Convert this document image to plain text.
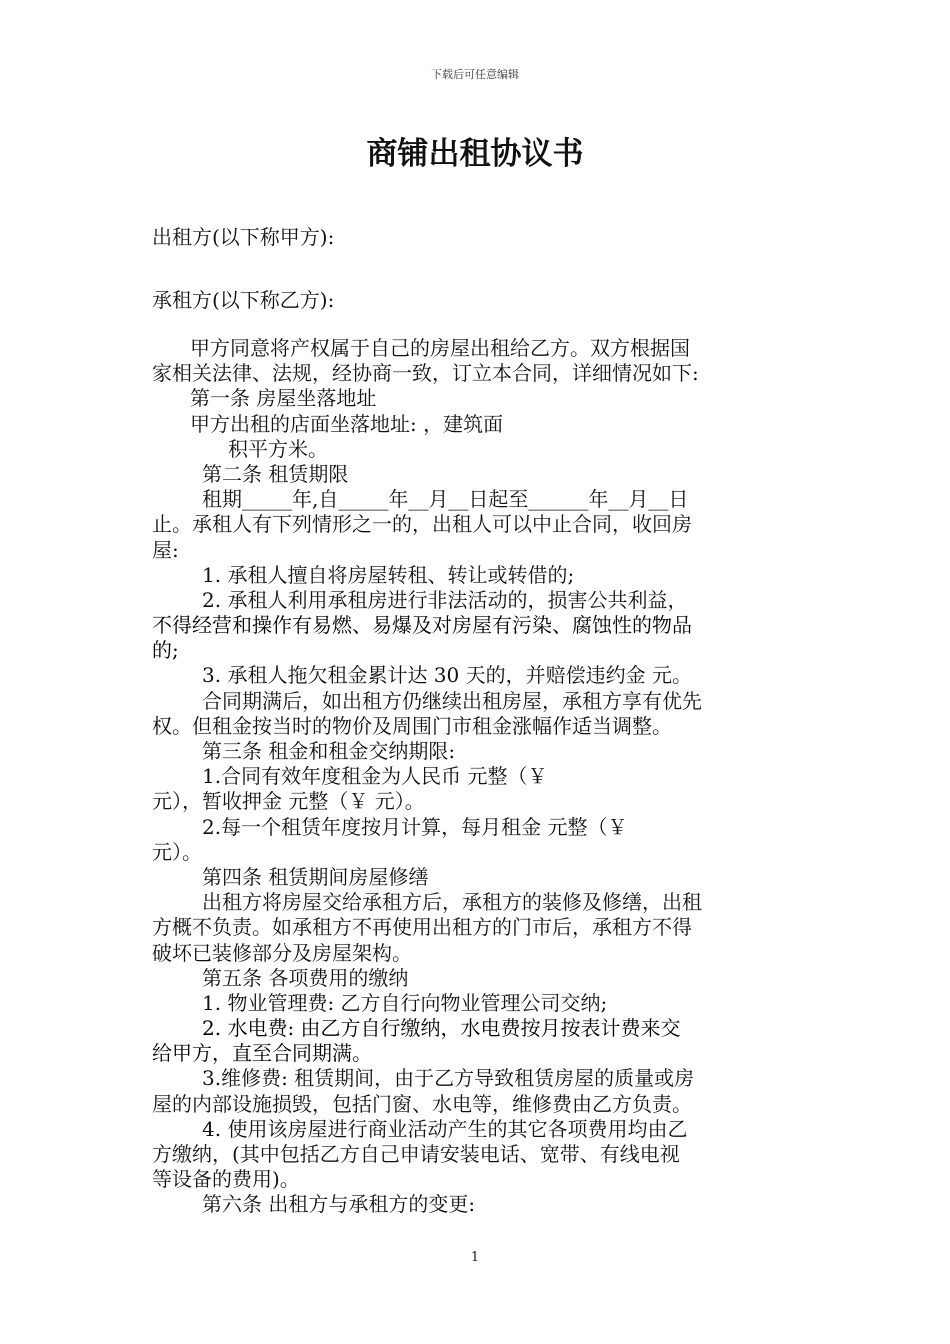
下载后可任意编辑
商铺出租协议书
出租方(以下称甲方):
承租方(以下称乙方):
甲方同意将产权属于自己的房屋出租给乙方。双方根据国
家相关法律、法规，经协商一致，订立本合同，详细情况如下:
第一条 房屋坐落地址
甲方出租的店面坐落地址: ，建筑面
积平方米。
第二条 租赁期限
租期_____年,自_____年__月__日起至______年__月__日
止。承租人有下列情形之一的，出租人可以中止合同，收回房
屋:
1. 承租人擅自将房屋转租、转让或转借的;
2. 承租人利用承租房进行非法活动的，损害公共利益，
不得经营和操作有易燃、易爆及对房屋有污染、腐蚀性的物品
的;
3. 承租人拖欠租金累计达 30 天的，并赔偿违约金 元。
合同期满后，如出租方仍继续出租房屋，承租方享有优先
权。但租金按当时的物价及周围门市租金涨幅作适当调整。
第三条 租金和租金交纳期限:
1.合同有效年度租金为人民币 元整（￥
元），暂收押金 元整（￥ 元）。
2.每一个租赁年度按月计算，每月租金 元整（￥
元）。
第四条 租赁期间房屋修缮
出租方将房屋交给承租方后，承租方的装修及修缮，出租
方概不负责。如承租方不再使用出租方的门市后，承租方不得
破坏已装修部分及房屋架构。
第五条 各项费用的缴纳
1. 物业管理费: 乙方自行向物业管理公司交纳;
2. 水电费: 由乙方自行缴纳，水电费按月按表计费来交
给甲方，直至合同期满。
3.维修费: 租赁期间，由于乙方导致租赁房屋的质量或房
屋的内部设施损毁，包括门窗、水电等，维修费由乙方负责。
4. 使用该房屋进行商业活动产生的其它各项费用均由乙
方缴纳，(其中包括乙方自己申请安装电话、宽带、有线电视
等设备的费用)。
第六条 出租方与承租方的变更:
1
